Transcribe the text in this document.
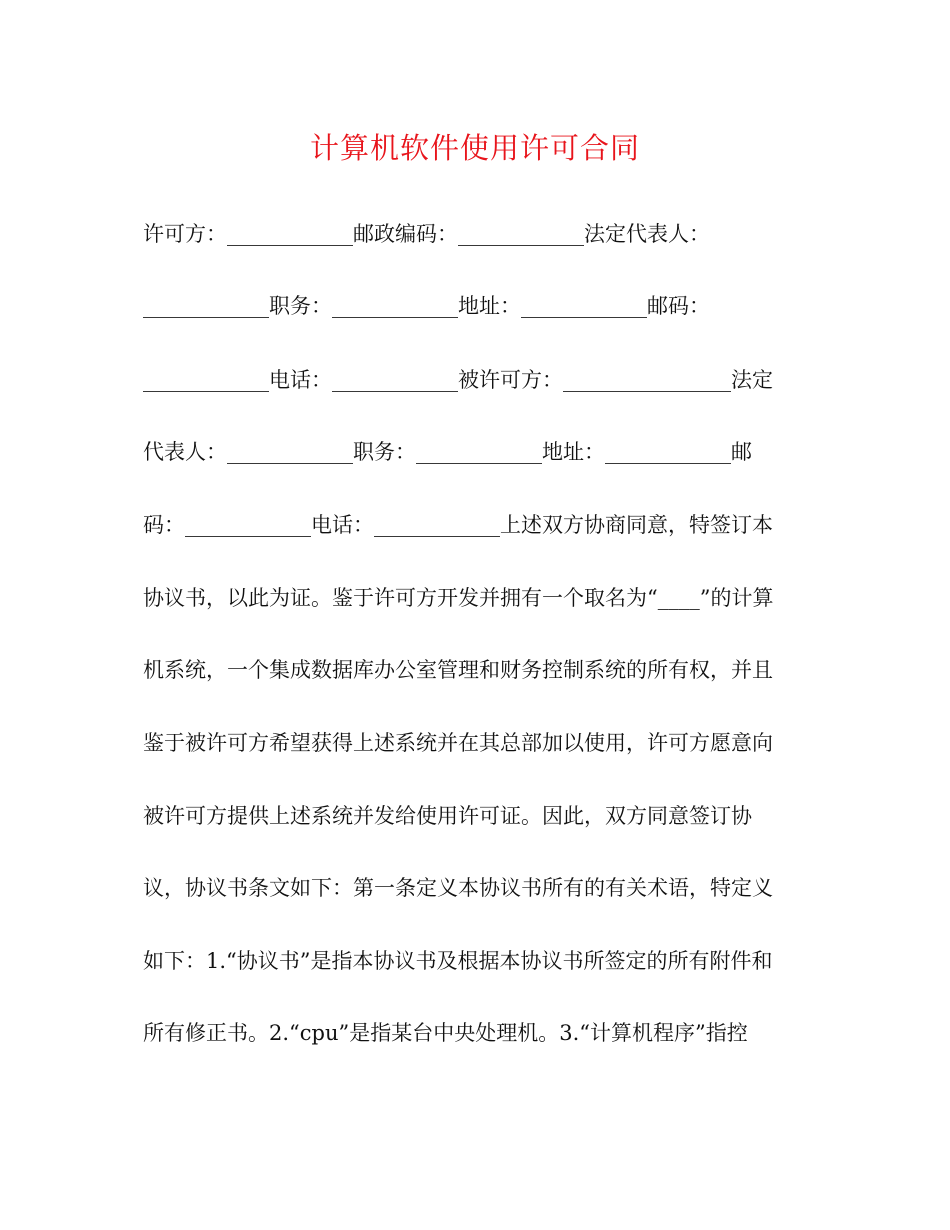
计算机软件使用许可合同
许可方：____________邮政编码：____________法定代表人：
____________职务：____________地址：____________邮码：
____________电话：____________被许可方：________________法定
代表人：____________职务：____________地址：____________邮
码：____________电话：____________上述双方协商同意，特签订本
协议书，以此为证。鉴于许可方开发并拥有一个取名为“____”的计算
机系统，一个集成数据库办公室管理和财务控制系统的所有权，并且
鉴于被许可方希望获得上述系统并在其总部加以使用，许可方愿意向
被许可方提供上述系统并发给使用许可证。因此，双方同意签订协
议，协议书条文如下：第一条定义本协议书所有的有关术语，特定义
如下：1.“协议书”是指本协议书及根据本协议书所签定的所有附件和
所有修正书。2.“cpu”是指某台中央处理机。3.“计算机程序”指控
